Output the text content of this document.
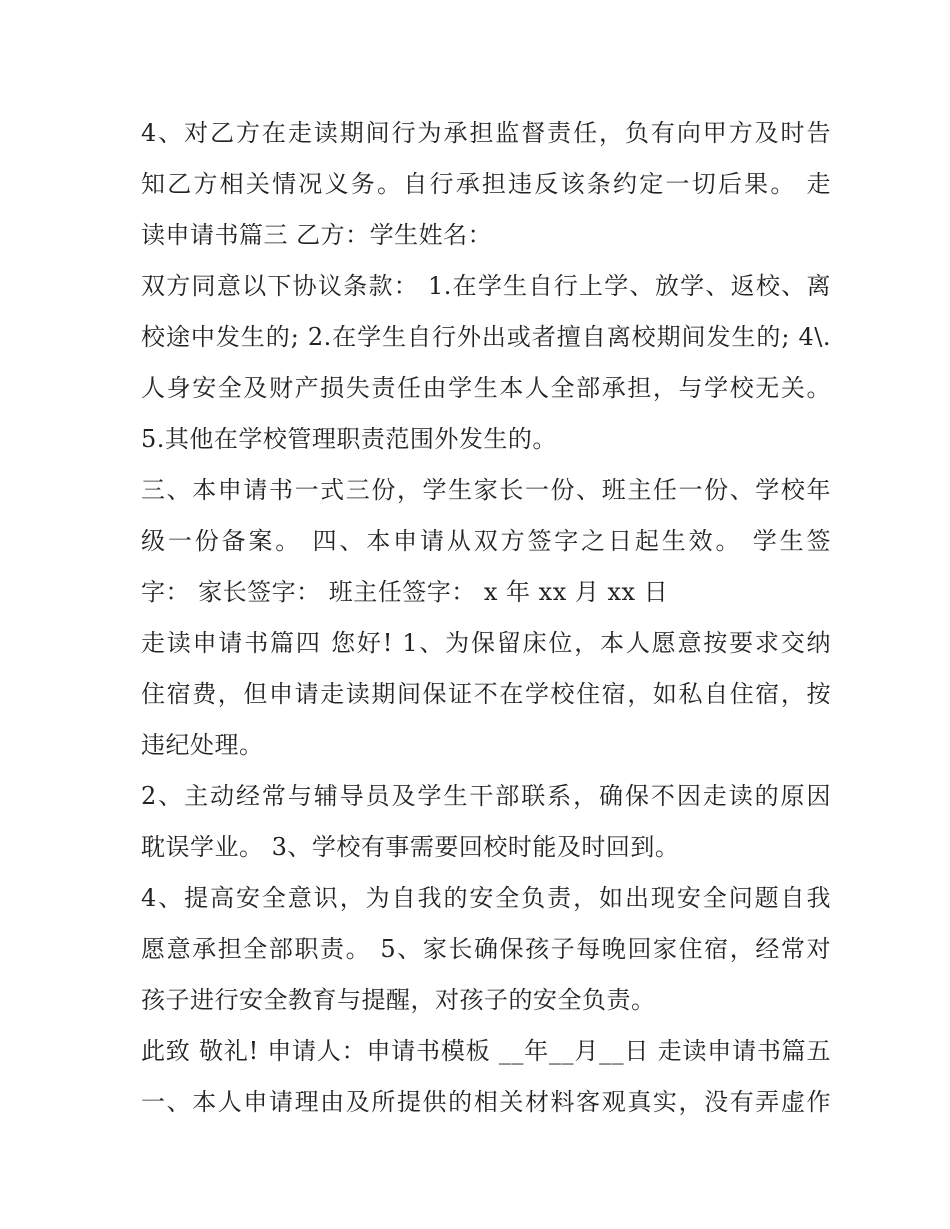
4、对乙方在走读期间行为承担监督责任，负有向甲方及时告
知乙方相关情况义务。自行承担违反该条约定一切后果。 走
读申请书篇三 乙方：学生姓名：
双方同意以下协议条款： 1.在学生自行上学、放学、返校、离
校途中发生的; 2.在学生自行外出或者擅自离校期间发生的; 4\.
人身安全及财产损失责任由学生本人全部承担，与学校无关。
5.其他在学校管理职责范围外发生的。
三、本申请书一式三份，学生家长一份、班主任一份、学校年
级一份备案。 四、本申请从双方签字之日起生效。 学生签
字： 家长签字： 班主任签字： x 年 xx 月 xx 日
走读申请书篇四 您好! 1、为保留床位，本人愿意按要求交纳
住宿费，但申请走读期间保证不在学校住宿，如私自住宿，按
违纪处理。
2、主动经常与辅导员及学生干部联系，确保不因走读的原因
耽误学业。 3、学校有事需要回校时能及时回到。
4、提高安全意识，为自我的安全负责，如出现安全问题自我
愿意承担全部职责。 5、家长确保孩子每晚回家住宿，经常对
孩子进行安全教育与提醒，对孩子的安全负责。
此致 敬礼! 申请人：申请书模板 __年__月__日 走读申请书篇五
一、本人申请理由及所提供的相关材料客观真实，没有弄虚作
